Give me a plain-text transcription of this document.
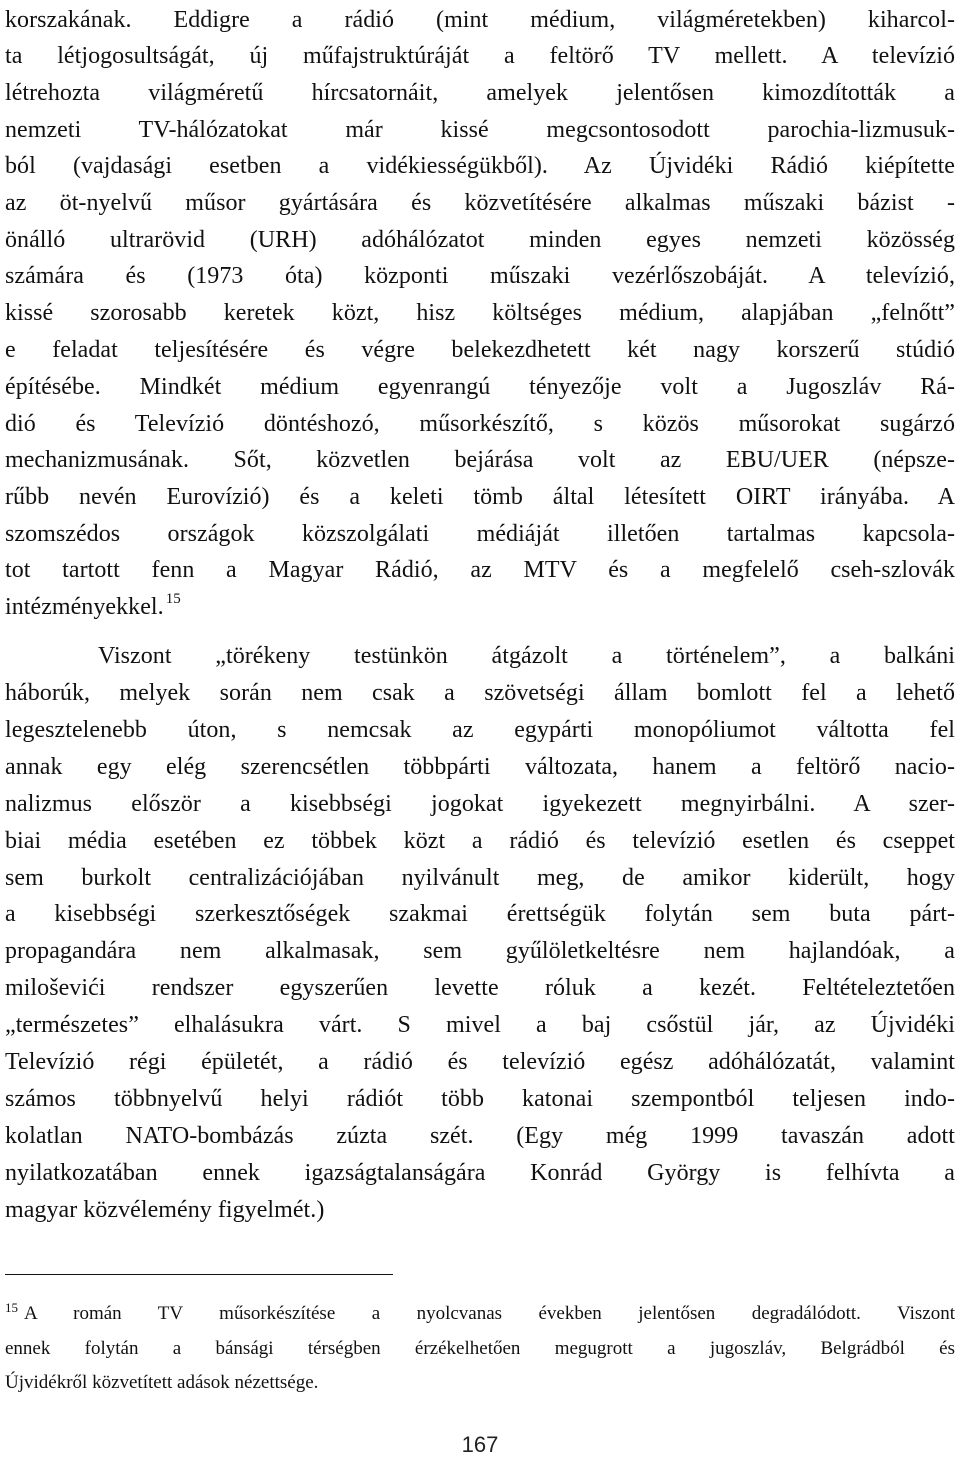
korszakának. Eddigre a rádió (mint médium, világméretekben) kiharcol-
ta létjogosultságát, új műfajstruktúráját a feltörő TV mellett. A televízió
létrehozta világméretű hírcsatornáit, amelyek jelentősen kimozdították a
nemzeti TV-hálózatokat már kissé megcsontosodott parochia-lizmusuk-
ból (vajdasági esetben a vidékiességükből). Az Újvidéki Rádió kiépítette
az öt-nyelvű műsor gyártására és közvetítésére alkalmas műszaki bázist -
önálló ultrarövid (URH) adóhálózatot minden egyes nemzeti közösség
számára és (1973 óta) központi műszaki vezérlőszobáját. A televízió,
kissé szorosabb keretek közt, hisz költséges médium, alapjában „felnőtt”
e feladat teljesítésére és végre belekezdhetett két nagy korszerű stúdió
építésébe. Mindkét médium egyenrangú tényezője volt a Jugoszláv Rá-
dió és Televízió döntéshozó, műsorkészítő, s közös műsorokat sugárzó
mechanizmusának. Sőt, közvetlen bejárása volt az EBU/UER (népsze-
rűbb nevén Eurovízió) és a keleti tömb által létesített OIRT irányába. A
szomszédos országok közszolgálati médiáját illetően tartalmas kapcsola-
tot tartott fenn a Magyar Rádió, az MTV és a megfelelő cseh-szlovák
intézményekkel. $^{15}$
Viszont „törékeny testünkön átgázolt a történelem”, a balkáni
háborúk, melyek során nem csak a szövetségi állam bomlott fel a lehető
legesztelenebb úton, s nemcsak az egypárti monopóliumot váltotta fel
annak egy elég szerencsétlen többpárti változata, hanem a feltörő nacio-
nalizmus először a kisebbségi jogokat igyekezett megnyirbálni. A szer-
biai média esetében ez többek közt a rádió és televízió esetlen és cseppet
sem burkolt centralizációjában nyilvánult meg, de amikor kiderült, hogy
a kisebbségi szerkesztőségek szakmai érettségük folytán sem buta párt-
propagandára nem alkalmasak, sem gyűlöletkeltésre nem hajlandóak, a
miloševići rendszer egyszerűen levette róluk a kezét. Feltételeztetően
„természetes” elhalásukra várt. S mivel a baj csőstül jár, az Újvidéki
Televízió régi épületét, a rádió és televízió egész adóhálózatát, valamint
számos többnyelvű helyi rádiót több katonai szempontból teljesen indo-
kolatlan NATO-bombázás zúzta szét. (Egy még 1999 tavaszán adott
nyilatkozatában ennek igazságtalanságára Konrád György is felhívta a
magyar közvélemény figyelmét.)
$^{15}$ A román TV műsorkészítése a nyolcvanas években jelentősen degradálódott. Viszont
ennek folytán a bánsági térségben érzékelhetően megugrott a jugoszláv, Belgrádból és
Újvidékről közvetített adások nézettsége.
167
